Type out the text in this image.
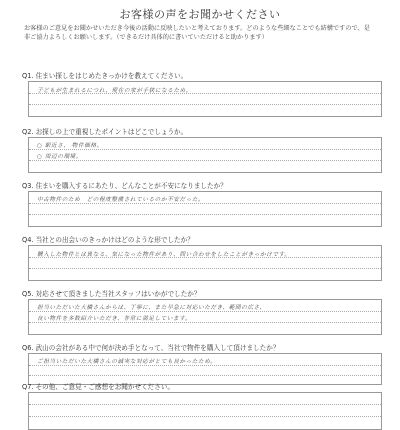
お客様の声をお聞かせください
お客様のご意見をお聞かせいただき今後の活動に反映したいと考えております。どのような些細なことでも結構ですので、是非ご協力よろしくお願いします。（できるだけ具体的に書いていただけると助かります）
Q1. 住まい探しをはじめたきっかけを教えてください。
子どもが生まれるにつれ、現在の家が手狭になるため。
Q2. お探しの上で重視したポイントはどこでしょうか。
○ 駅近さ、 物件価格。
○ 周辺の環境。
Q3. 住まいを購入するにあたり、どんなことが不安になりましたか？
中古物件のため　どの程度整備されているのか不安だった。
Q4. 当社との出会いのきっかけはどのような形でしたか？
購入した物件とは異なる、気になった物件があり、問い合わせをしたことがきっかけです。
Q5. 対応させて頂きました当社スタッフはいかがでしたか？
担当いただいた大橋さんからは、丁寧に、また早急に対応いただき、範囲の広さ、
良い物件を多数紹介いただき、非常に満足しています。
Q6. 武山の会社がある中で何が決め手となって、当社で物件を購入して頂けましたか？
ご担当いただいた大橋さんの誠実な対応がとても良かったため。
Q7. その他、ご意見・ご感想をお聞かせください。
